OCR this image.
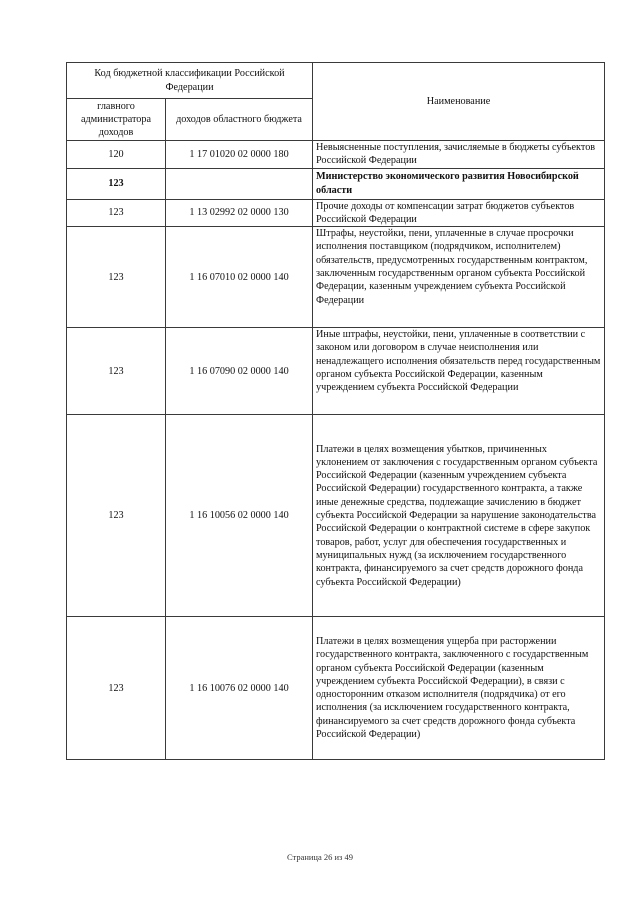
Код бюджетной классификации Российской Федерации		Наименование
главного администратора доходов	доходов областного бюджета	
120	1 17 01020 02 0000 180	Невыясненные поступления, зачисляемые в бюджеты субъектов Российской Федерации
123		Министерство экономического развития Новосибирской области
123	1 13 02992 02 0000 130	Прочие доходы от компенсации затрат бюджетов субъектов Российской Федерации
123	1 16 07010 02 0000 140	Штрафы, неустойки, пени, уплаченные в случае просрочки исполнения поставщиком (подрядчиком, исполнителем) обязательств, предусмотренных государственным контрактом, заключенным государственным органом субъекта Российской Федерации, казенным учреждением субъекта Российской Федерации
123	1 16 07090 02 0000 140	Иные штрафы, неустойки, пени, уплаченные в соответствии с законом или договором в случае неисполнения или ненадлежащего исполнения обязательств перед государственным органом субъекта Российской Федерации, казенным учреждением субъекта Российской Федерации
123	1 16 10056 02 0000 140	Платежи в целях возмещения убытков, причиненных уклонением от заключения с государственным органом субъекта Российской Федерации (казенным учреждением субъекта Российской Федерации) государственного контракта, а также иные денежные средства, подлежащие зачислению в бюджет субъекта Российской Федерации за нарушение законодательства Российской Федерации о контрактной системе в сфере закупок товаров, работ, услуг для обеспечения государственных и муниципальных нужд (за исключением государственного контракта, финансируемого за счет средств дорожного фонда субъекта Российской Федерации)
123	1 16 10076 02 0000 140	Платежи в целях возмещения ущерба при расторжении государственного контракта, заключенного с государственным органом субъекта Российской Федерации (казенным учреждением субъекта Российской Федерации), в связи с односторонним отказом исполнителя (подрядчика) от его исполнения (за исключением государственного контракта, финансируемого за счет средств дорожного фонда субъекта Российской Федерации)
Страница 26 из 49
